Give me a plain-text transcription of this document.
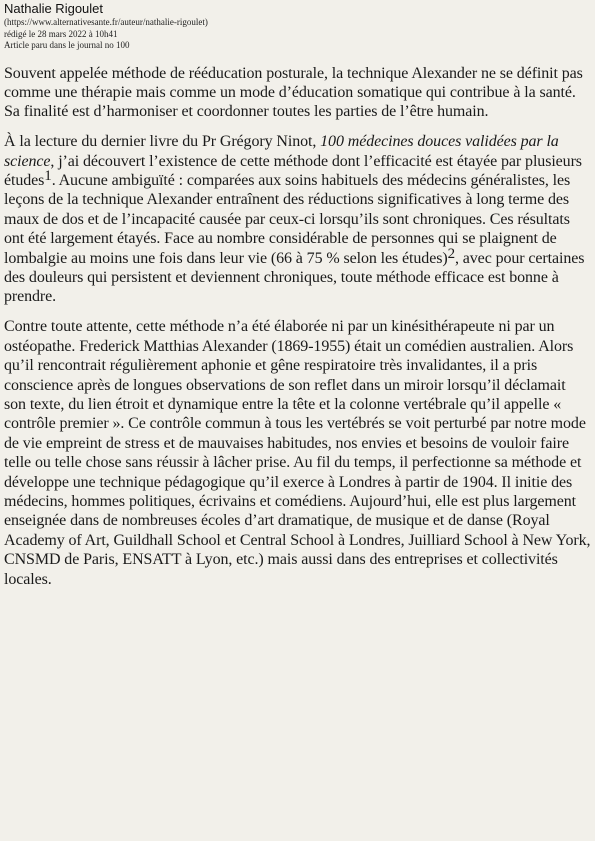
Nathalie Rigoulet
(https://www.alternativesante.fr/auteur/nathalie-rigoulet)
rédigé le 28 mars 2022 à 10h41
Article paru dans le journal no 100

Souvent appelée méthode de rééducation posturale, la technique Alexander ne se définit pas comme une thérapie mais comme un mode d’éducation somatique qui contribue à la santé. Sa finalité est d’harmoniser et coordonner toutes les parties de l’être humain.

À la lecture du dernier livre du Pr Grégory Ninot, 100 médecines douces validées par la science, j’ai découvert l’existence de cette méthode dont l’efficacité est étayée par plusieurs études$^1$. Aucune ambiguïté : comparées aux soins habituels des médecins généralistes, les leçons de la technique Alexander entraînent des réductions significatives à long terme des maux de dos et de l’incapacité causée par ceux-ci lorsqu’ils sont chroniques. Ces résultats ont été largement étayés. Face au nombre considérable de personnes qui se plaignent de lombalgie au moins une fois dans leur vie (66 à 75 % selon les études)$^2$, avec pour certaines des douleurs qui persistent et deviennent chroniques, toute méthode efficace est bonne à prendre.

Contre toute attente, cette méthode n’a été élaborée ni par un kinésithérapeute ni par un ostéopathe. Frederick Matthias Alexander (1869-1955) était un comédien australien. Alors qu’il rencontrait régulièrement aphonie et gêne respiratoire très invalidantes, il a pris conscience après de longues observations de son reflet dans un miroir lorsqu’il déclamait son texte, du lien étroit et dynamique entre la tête et la colonne vertébrale qu’il appelle « contrôle premier ». Ce contrôle commun à tous les vertébrés se voit perturbé par notre mode de vie empreint de stress et de mauvaises habitudes, nos envies et besoins de vouloir faire telle ou telle chose sans réussir à lâcher prise. Au fil du temps, il perfectionne sa méthode et développe une technique pédagogique qu’il exerce à Londres à partir de 1904. Il initie des médecins, hommes politiques, écrivains et comédiens. Aujourd’hui, elle est plus largement enseignée dans de nombreuses écoles d’art dramatique, de musique et de danse (Royal Academy of Art, Guildhall School et Central School à Londres, Juilliard School à New York, CNSMD de Paris, ENSATT à Lyon, etc.) mais aussi dans des entreprises et collectivités locales.
